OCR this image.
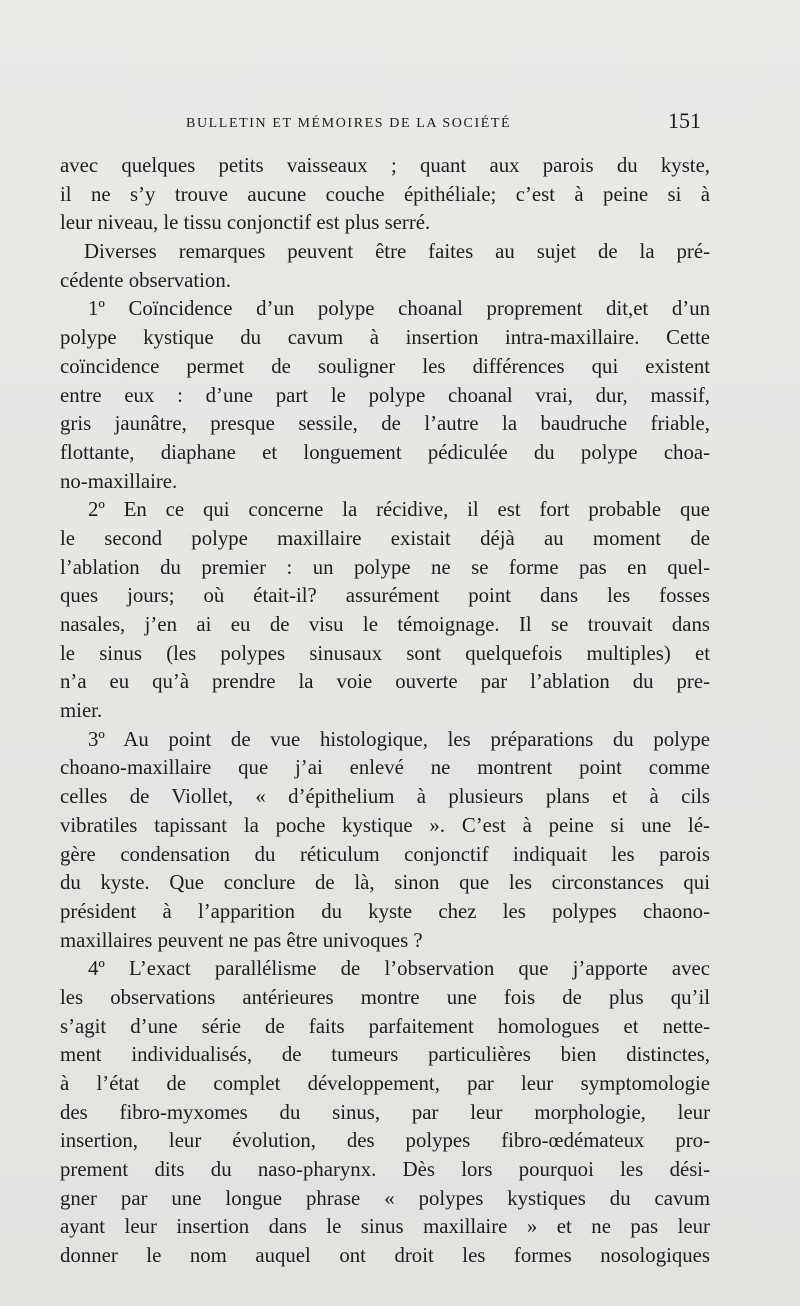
BULLETIN ET MÉMOIRES DE LA SOCIÉTÉ	151
avec quelques petits vaisseaux ; quant aux parois du kyste,
il ne s’y trouve aucune couche épithéliale; c’est à peine si à
leur niveau, le tissu conjonctif est plus serré.
Diverses remarques peuvent être faites au sujet de la pré-
cédente observation.
1º Coïncidence d’un polype choanal proprement dit,et d’un
polype kystique du cavum à insertion intra-maxillaire. Cette
coïncidence permet de souligner les différences qui existent
entre eux : d’une part le polype choanal vrai, dur, massif,
gris jaunâtre, presque sessile, de l’autre la baudruche friable,
flottante, diaphane et longuement pédiculée du polype choa-
no-maxillaire.
2º En ce qui concerne la récidive, il est fort probable que
le second polype maxillaire existait déjà au moment de
l’ablation du premier : un polype ne se forme pas en quel-
ques jours; où était-il? assurément point dans les fosses
nasales, j’en ai eu de visu le témoignage. Il se trouvait dans
le sinus (les polypes sinusaux sont quelquefois multiples) et
n’a eu qu’à prendre la voie ouverte par l’ablation du pre-
mier.
3º Au point de vue histologique, les préparations du polype
choano-maxillaire que j’ai enlevé ne montrent point comme
celles de Viollet, « d’épithelium à plusieurs plans et à cils
vibratiles tapissant la poche kystique ». C’est à peine si une lé-
gère condensation du réticulum conjonctif indiquait les parois
du kyste. Que conclure de là, sinon que les circonstances qui
président à l’apparition du kyste chez les polypes chaono-
maxillaires peuvent ne pas être univoques ?
4º L’exact parallélisme de l’observation que j’apporte avec
les observations antérieures montre une fois de plus qu’il
s’agit d’une série de faits parfaitement homologues et nette-
ment individualisés, de tumeurs particulières bien distinctes,
à l’état de complet développement, par leur symptomologie
des fibro-myxomes du sinus, par leur morphologie, leur
insertion, leur évolution, des polypes fibro-œdémateux pro-
prement dits du naso-pharynx. Dès lors pourquoi les dési-
gner par une longue phrase « polypes kystiques du cavum
ayant leur insertion dans le sinus maxillaire » et ne pas leur
donner le nom auquel ont droit les formes nosologiques
